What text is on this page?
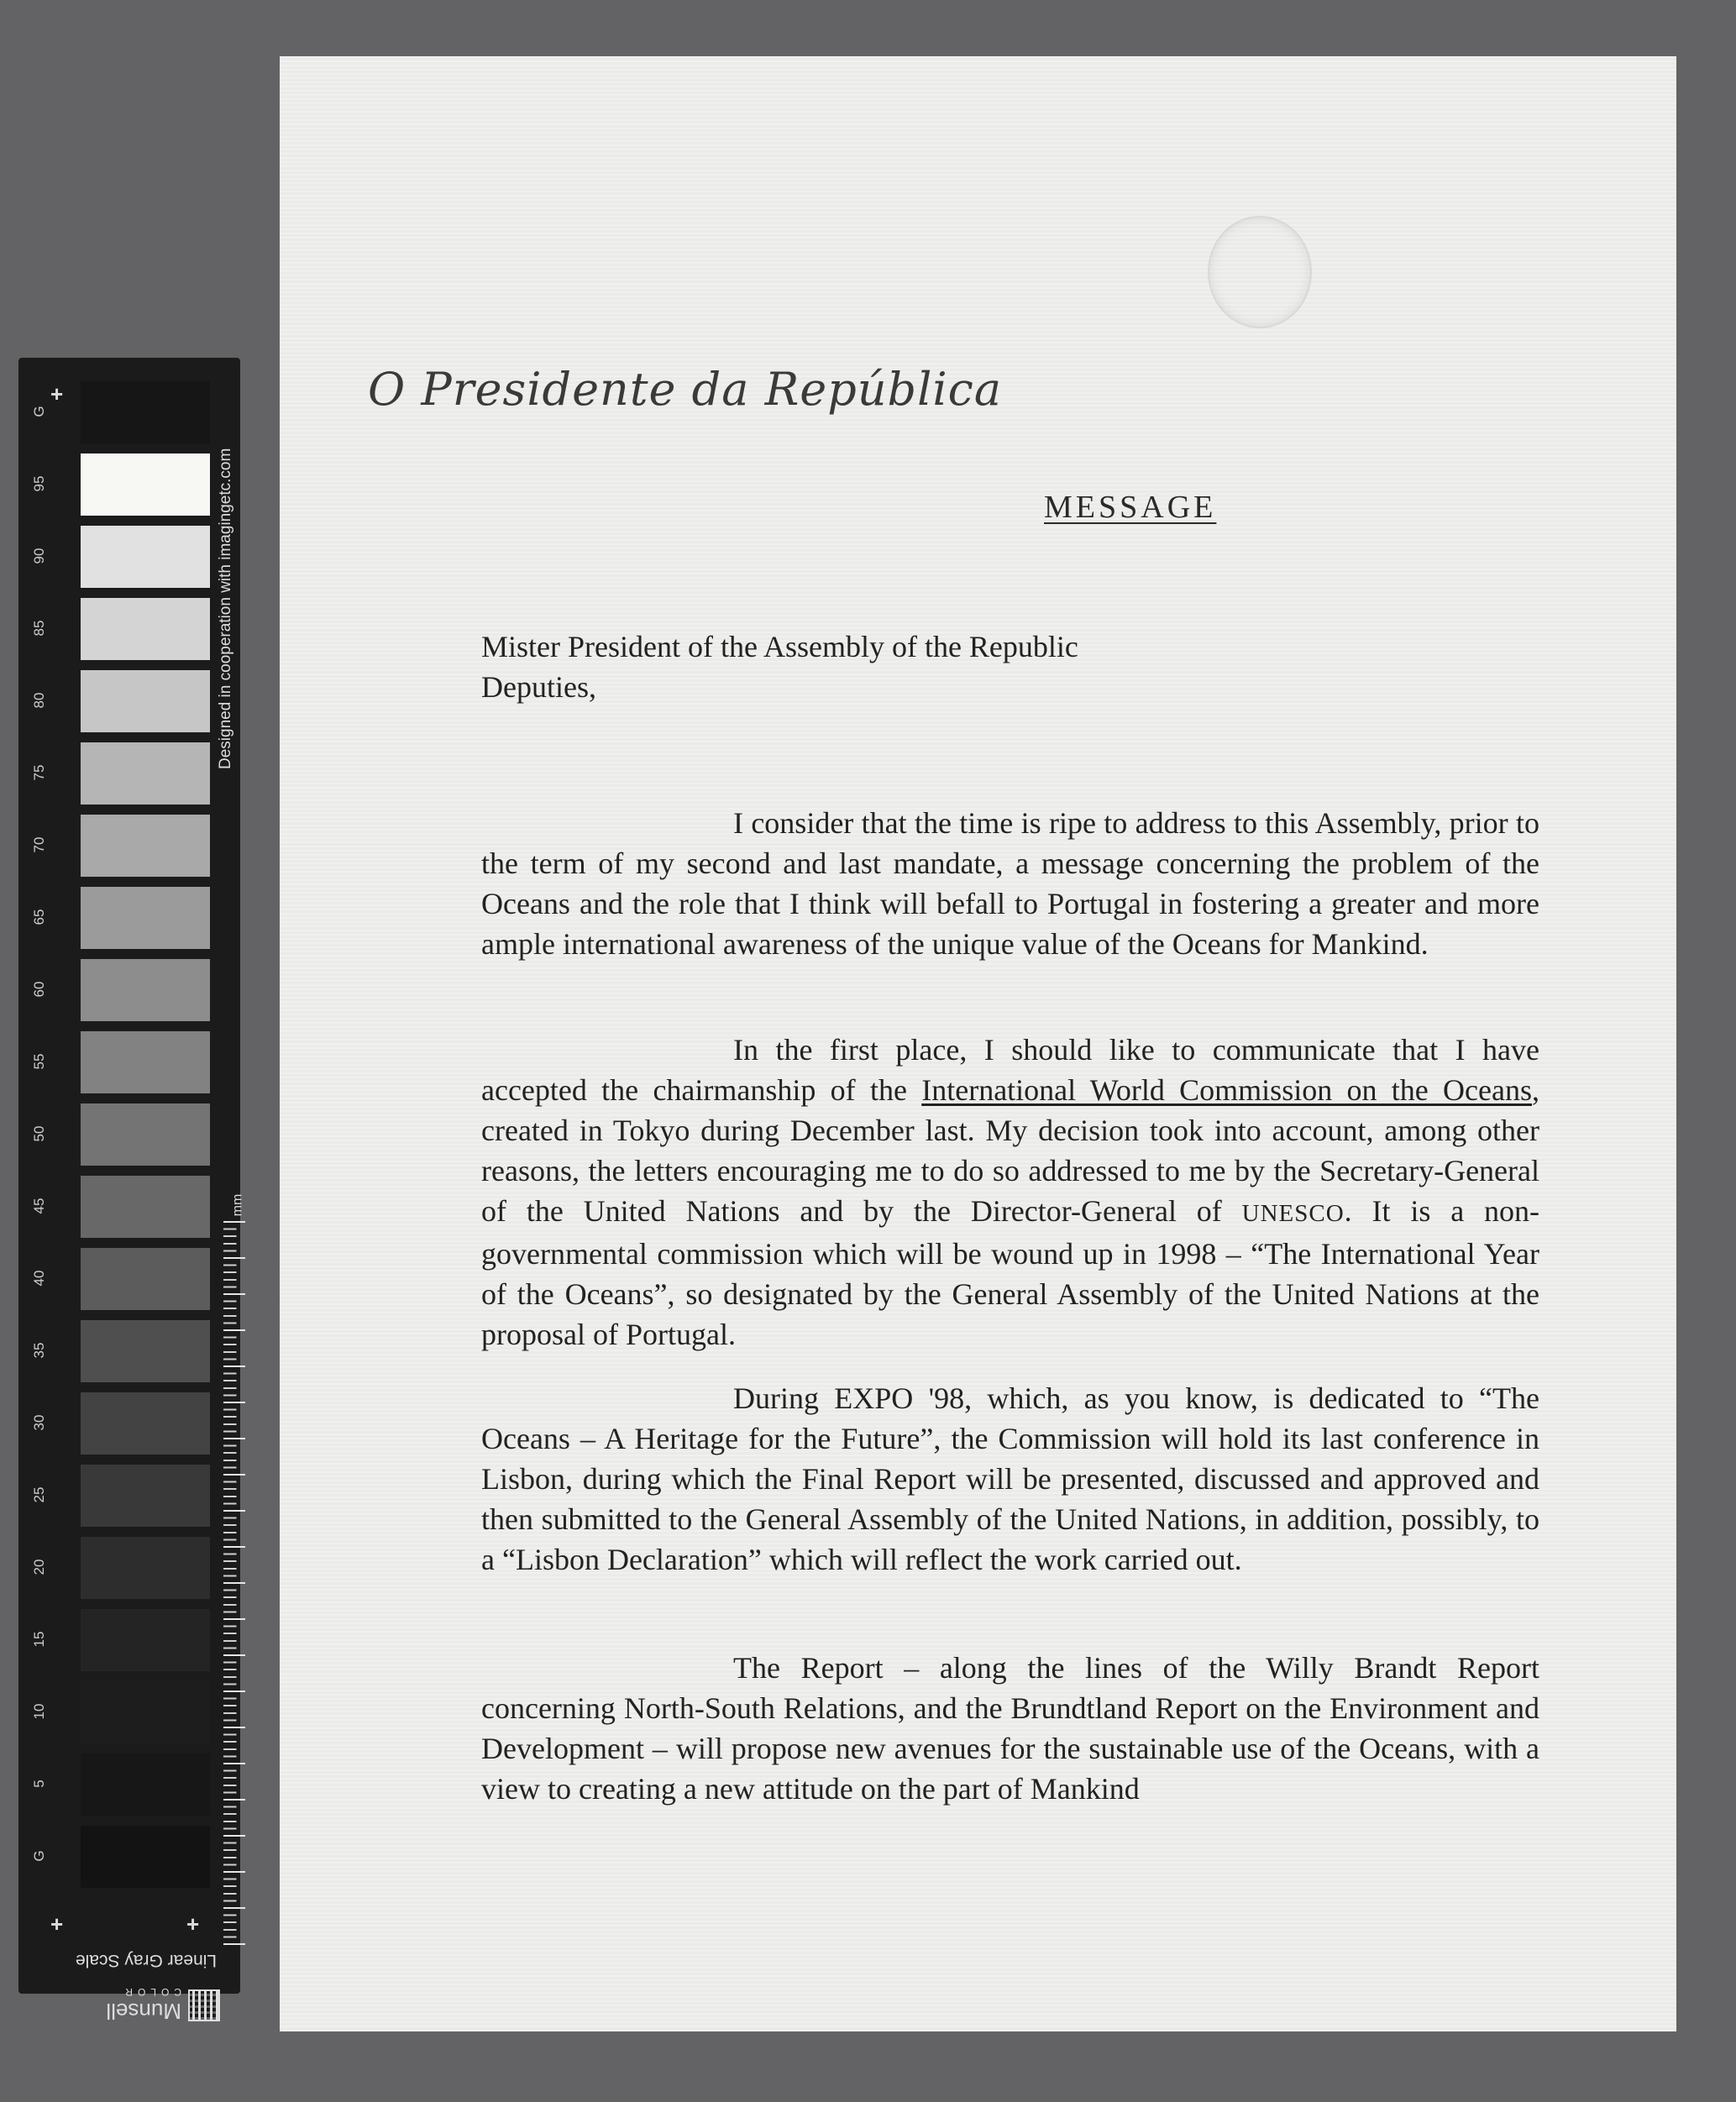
+
G
95
90
85
80
75
70
65
60
55
50
45
40
35
30
25
20
15
10
5
G
Designed in cooperation with imagingetc.com
mm
+	+
Linear Gray Scale
Munsell
COLOR
O Presidente da República
MESSAGE
Mister President of the Assembly of the Republic
Deputies,
I consider that the time is ripe to address to this Assembly, prior to the term of my second and last mandate, a message concerning the problem of the Oceans and the role that I think will befall to Portugal in fostering a greater and more ample international awareness of the unique value of the Oceans for Mankind.
In the first place, I should like to communicate that I have accepted the chairmanship of the International World Commission on the Oceans, created in Tokyo during December last. My decision took into account, among other reasons, the letters encouraging me to do so addressed to me by the Secretary-General of the United Nations and by the Director-General of UNESCO. It is a non-governmental commission which will be wound up in 1998 – “The International Year of the Oceans”, so designated by the General Assembly of the United Nations at the proposal of Portugal.
During EXPO '98, which, as you know, is dedicated to “The Oceans – A Heritage for the Future”, the Commission will hold its last conference in Lisbon, during which the Final Report will be presented, discussed and approved and then submitted to the General Assembly of the United Nations, in addition, possibly, to a “Lisbon Declaration” which will reflect the work carried out.
The Report – along the lines of the Willy Brandt Report concerning North-South Relations, and the Brundtland Report on the Environment and Development – will propose new avenues for the sustainable use of the Oceans, with a view to creating a new attitude on the part of Mankind
